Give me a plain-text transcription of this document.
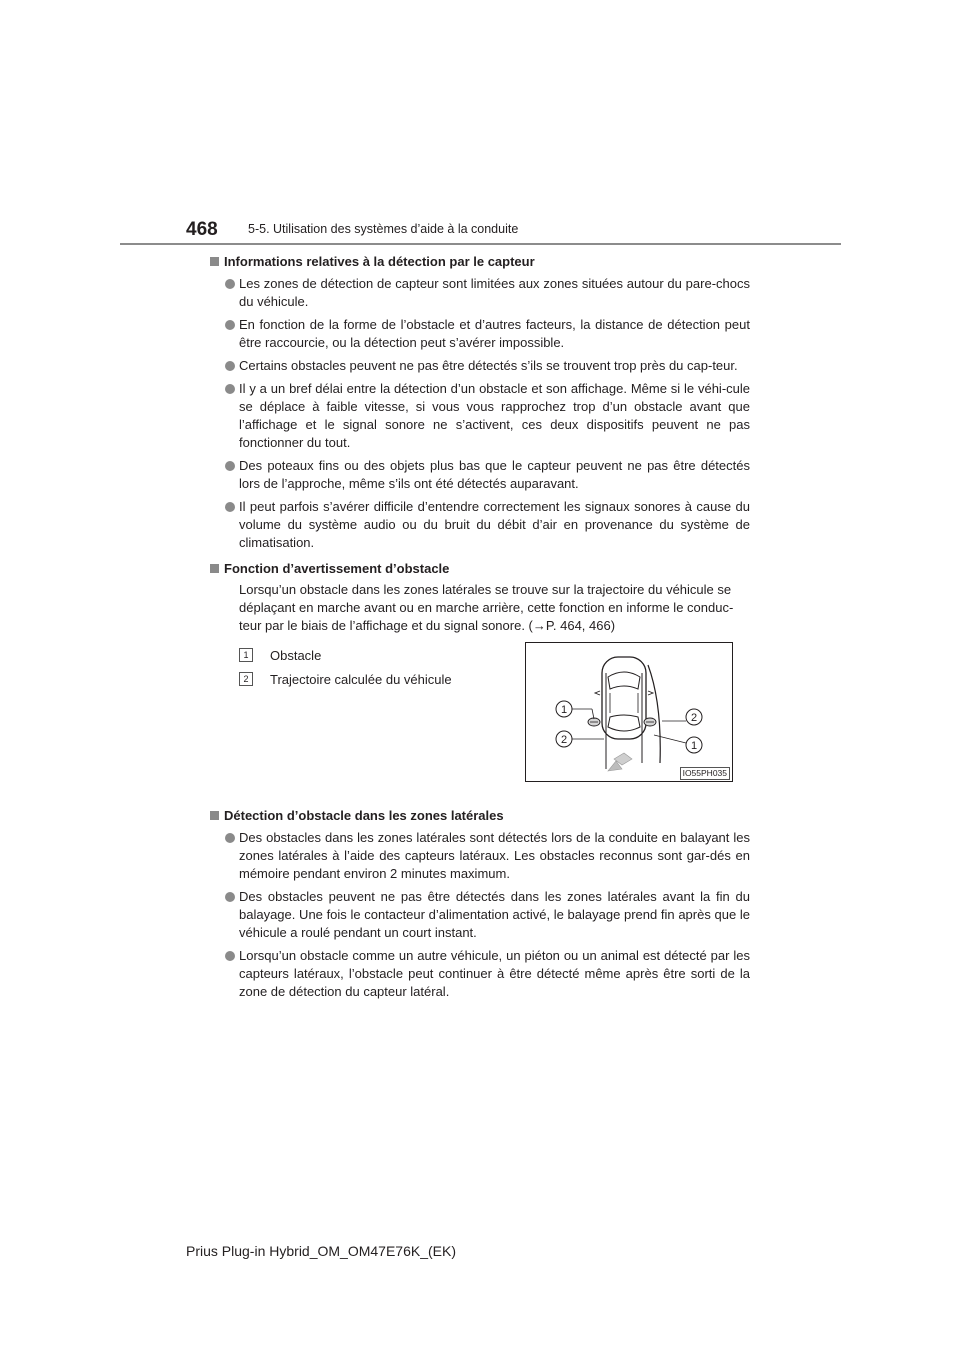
468 5-5. Utilisation des systèmes d’aide à la conduite

Informations relatives à la détection par le capteur

Les zones de détection de capteur sont limitées aux zones situées autour du pare-chocs du véhicule.
En fonction de la forme de l’obstacle et d’autres facteurs, la distance de détection peut être raccourcie, ou la détection peut s’avérer impossible.
Certains obstacles peuvent ne pas être détectés s’ils se trouvent trop près du cap-teur.
Il y a un bref délai entre la détection d’un obstacle et son affichage. Même si le véhi-cule se déplace à faible vitesse, si vous vous rapprochez trop d’un obstacle avant que l’affichage et le signal sonore ne s’activent, ces deux dispositifs peuvent ne pas fonctionner du tout.
Des poteaux fins ou des objets plus bas que le capteur peuvent ne pas être détectés lors de l’approche, même s’ils ont été détectés auparavant.
Il peut parfois s’avérer difficile d’entendre correctement les signaux sonores à cause du volume du système audio ou du bruit du débit d’air en provenance du système de climatisation.

Fonction d’avertissement d’obstacle

Lorsqu’un obstacle dans les zones latérales se trouve sur la trajectoire du véhicule se déplaçant en marche avant ou en marche arrière, cette fonction en informe le conduc-teur par le biais de l’affichage et du signal sonore. (→P. 464, 466)

1	Obstacle
2	Trajectoire calculée du véhicule
1
2
2
1
IO55PH035

Détection d’obstacle dans les zones latérales

Des obstacles dans les zones latérales sont détectés lors de la conduite en balayant les zones latérales à l’aide des capteurs latéraux. Les obstacles reconnus sont gar-dés en mémoire pendant environ 2 minutes maximum.
Des obstacles peuvent ne pas être détectés dans les zones latérales avant la fin du balayage. Une fois le contacteur d’alimentation activé, le balayage prend fin après que le véhicule a roulé pendant un court instant.
Lorsqu’un obstacle comme un autre véhicule, un piéton ou un animal est détecté par les capteurs latéraux, l’obstacle peut continuer à être détecté même après être sorti de la zone de détection du capteur latéral.

Prius Plug-in Hybrid_OM_OM47E76K_(EK)
